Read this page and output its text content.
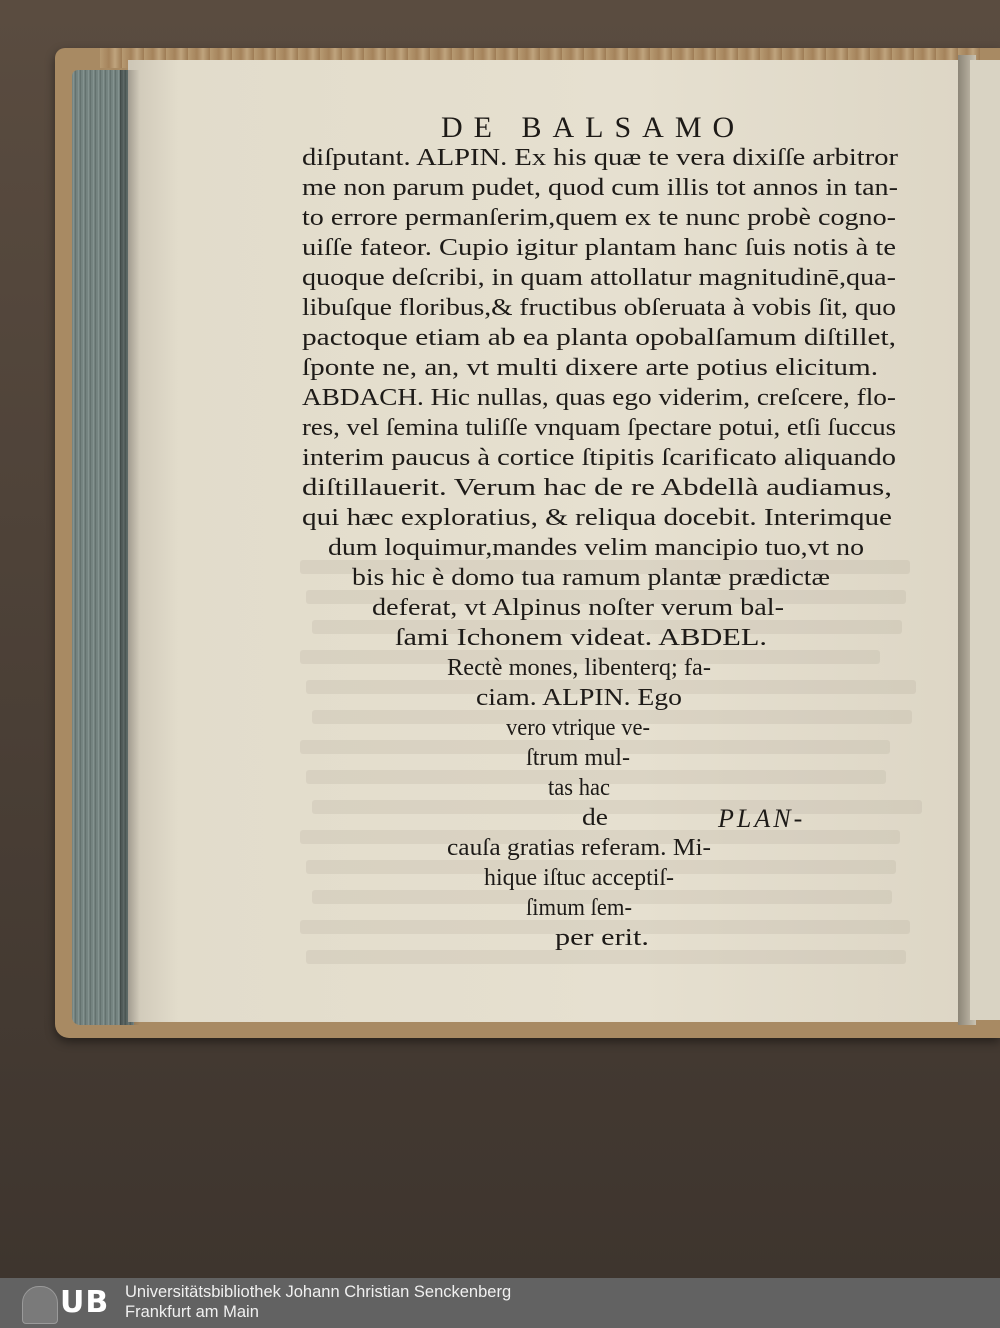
DE BALSAMO
diſputant. ALPIN. Ex his quæ te vera dixiſſe arbitror
me non parum pudet, quod cum illis tot annos in tan-
to errore permanſerim,quem ex te nunc probè cogno-
uiſſe fateor. Cupio igitur plantam hanc ſuis notis à te
quoque deſcribi, in quam attollatur magnitudinē,qua-
libuſque floribus,& fructibus obſeruata à vobis ſit, quo
pactoque etiam ab ea planta opobalſamum diſtillet,
ſponte ne, an, vt multi dixere arte potius elicitum.
ABDACH. Hic nullas, quas ego viderim, creſcere, flo-
res, vel ſemina tuliſſe vnquam ſpectare potui, etſi ſuccus
interim paucus à cortice ſtipitis ſcarificato aliquando
diſtillauerit. Verum hac de re Abdellà audiamus,
qui hæc exploratius, & reliqua docebit. Interimque
dum loquimur,mandes velim mancipio tuo,vt no
bis hic è domo tua ramum plantæ prædictæ
deferat, vt Alpinus noſter verum bal-
ſami Ichonem videat. ABDEL.
Rectè mones, libenterq; fa-
ciam. ALPIN. Ego
vero vtrique ve-
ſtrum mul-
tas hac
de
cauſa gratias referam. Mi-
hique iſtuc acceptiſ-
ſimum ſem-
per erit.
PLAN-
UB Universitätsbibliothek Johann Christian Senckenberg
Frankfurt am Main
